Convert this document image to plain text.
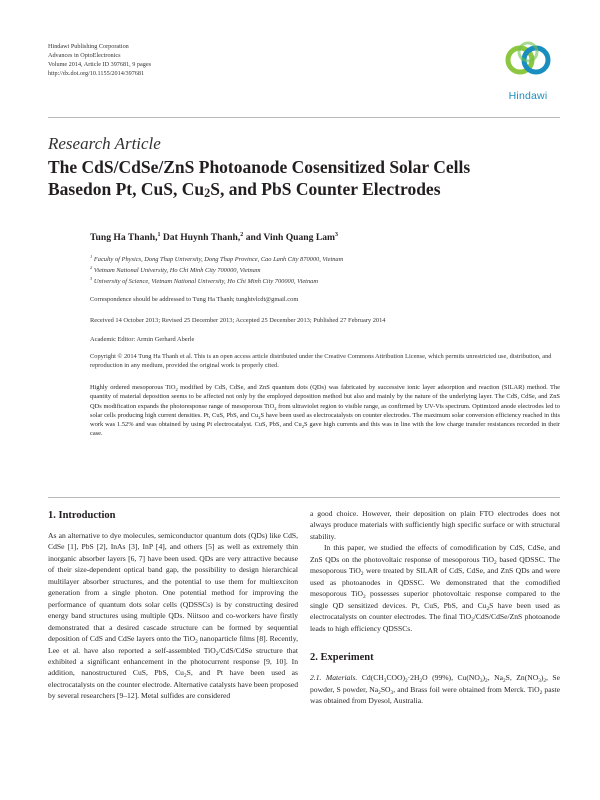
Hindawi Publishing Corporation
Advances in OptoElectronics
Volume 2014, Article ID 397681, 9 pages
http://dx.doi.org/10.1155/2014/397681
Hindawi
Research Article
The CdS/CdSe/ZnS Photoanode Cosensitized Solar Cells
Basedon Pt, CuS, $Cu_2S$, and PbS Counter Electrodes
Tung Ha Thanh,$^1$ Dat Huynh Thanh,$^2$ and Vinh Quang Lam$^3$
$^1$ Faculty of Physics, Dong Thap University, Dong Thap Province, Cao Lanh City 870000, Vietnam
$^2$ Vietnam National University, Ho Chi Minh City 700000, Vietnam
$^3$ University of Science, Vietnam National University, Ho Chi Minh City 700000, Vietnam
Correspondence should be addressed to Tung Ha Thanh; tunghtvlcdt@gmail.com
Received 14 October 2013; Revised 25 December 2013; Accepted 25 December 2013; Published 27 February 2014
Academic Editor: Armin Gerhard Aberle
Copyright © 2014 Tung Ha Thanh et al. This is an open access article distributed under the Creative Commons Attribution License, which permits unrestricted use, distribution, and reproduction in any medium, provided the original work is properly cited.
Highly ordered mesoporous TiO$_2$ modified by CdS, CdSe, and ZnS quantum dots (QDs) was fabricated by successive ionic layer adsorption and reaction (SILAR) method. The quantity of material deposition seems to be affected not only by the employed deposition method but also and mainly by the nature of the underlying layer. The CdS, CdSe, and ZnS QDs modification expands the photoresponse range of mesoporous TiO$_2$ from ultraviolet region to visible range, as confirmed by UV-Vis spectrum. Optimized anode electrodes led to solar cells producing high current densities. Pt, CuS, PbS, and $Cu_2S$ have been used as electrocatalysts on counter electrodes. The maximum solar conversion efficiency reached in this work was 1.52% and was obtained by using Pt electrocatalyst. CuS, PbS, and $Cu_2S$ gave high currents and this was in line with the low charge transfer resistances recorded in their case.
1. Introduction

As an alternative to dye molecules, semiconductor quantum dots (QDs) like CdS, CdSe [1], PbS [2], InAs [3], InP [4], and others [5] as well as extremely thin inorganic absorber layers [6, 7] have been used. QDs are very attractive because of their size-dependent optical band gap, the possibility to design hierarchical multilayer absorber structures, and the potential to use them for multiexciton generation from a single photon. One potential method for improving the performance of quantum dots solar cells (QDSSCs) is by constructing desired energy band structures using multiple QDs. Niitsoo and co-workers have firstly demonstrated that a desired cascade structure can be formed by sequential deposition of CdS and CdSe layers onto the TiO$_2$ nanoparticle films [8]. Recently, Lee et al. have also reported a self-assembled TiO$_2$/CdS/CdSe structure that exhibited a significant enhancement in the photocurrent response [9, 10]. In addition, nanostructured CuS, PbS, $Cu_2S$, and Pt have been used as electrocatalysts on the counter electrode. Alternative catalysts have been proposed by several researchers [9–12]. Metal sulfides are considered

a good choice. However, their deposition on plain FTO electrodes does not always produce materials with sufficiently high specific surface or with structural stability.

In this paper, we studied the effects of comodification by CdS, CdSe, and ZnS QDs on the photovoltaic response of mesoporous TiO$_2$ based QDSSC. The mesoporous TiO$_2$ were treated by SILAR of CdS, CdSe, and ZnS QDs and were used as photoanodes in QDSSC. We demonstrated that the comodified mesoporous TiO$_2$ possesses superior photovoltaic response compared to the single QD sensitized devices. Pt, CuS, PbS, and $Cu_2S$ have been used as electrocatalysts on counter electrodes. The final TiO$_2$/CdS/CdSe/ZnS photoanode leads to high efficiency QDSSCs.

2. Experiment

2.1. Materials. $Cd(CH_3COO)_2\cdot 2H_2O$ (99%), $Cu(NO_3)_2$, $Na_2S$, $Zn(NO_3)_2$, Se powder, S powder, $Na_2SO_3$, and Brass foil were obtained from Merck. TiO$_2$ paste was obtained from Dyesol, Australia.
